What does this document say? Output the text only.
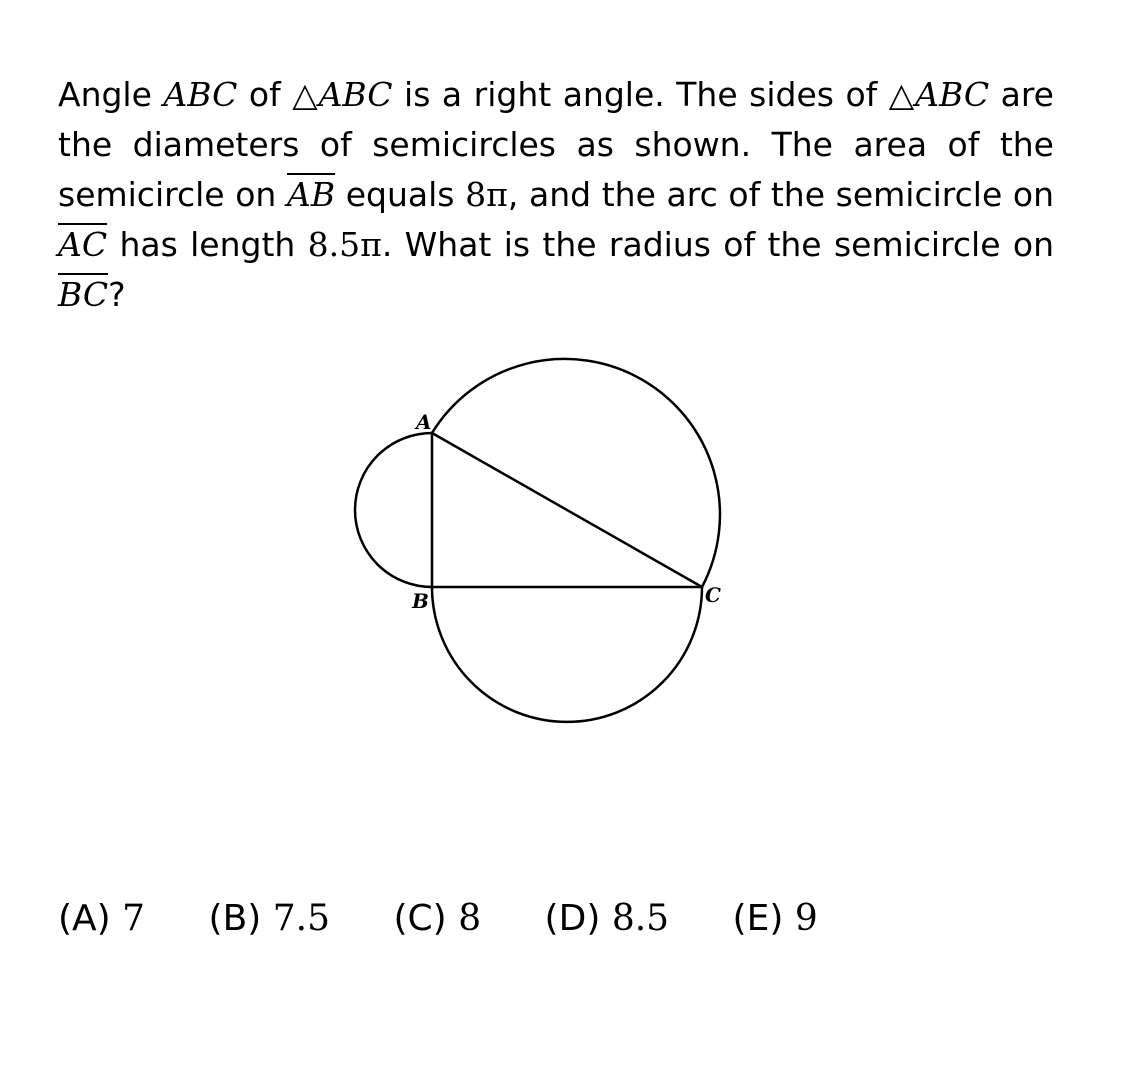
Angle ABC of △ABC is a right angle. The sides of △ABC are the diameters of semicircles as shown. The area of the semicircle on $\overline{AB}$ equals 8π, and the arc of the semicircle on $\overline{AC}$ has length 8.5π. What is the radius of the semicircle on $\overline{BC}$?
A
B	C
(A) 7 (B) 7.5 (C) 8 (D) 8.5 (E) 9
